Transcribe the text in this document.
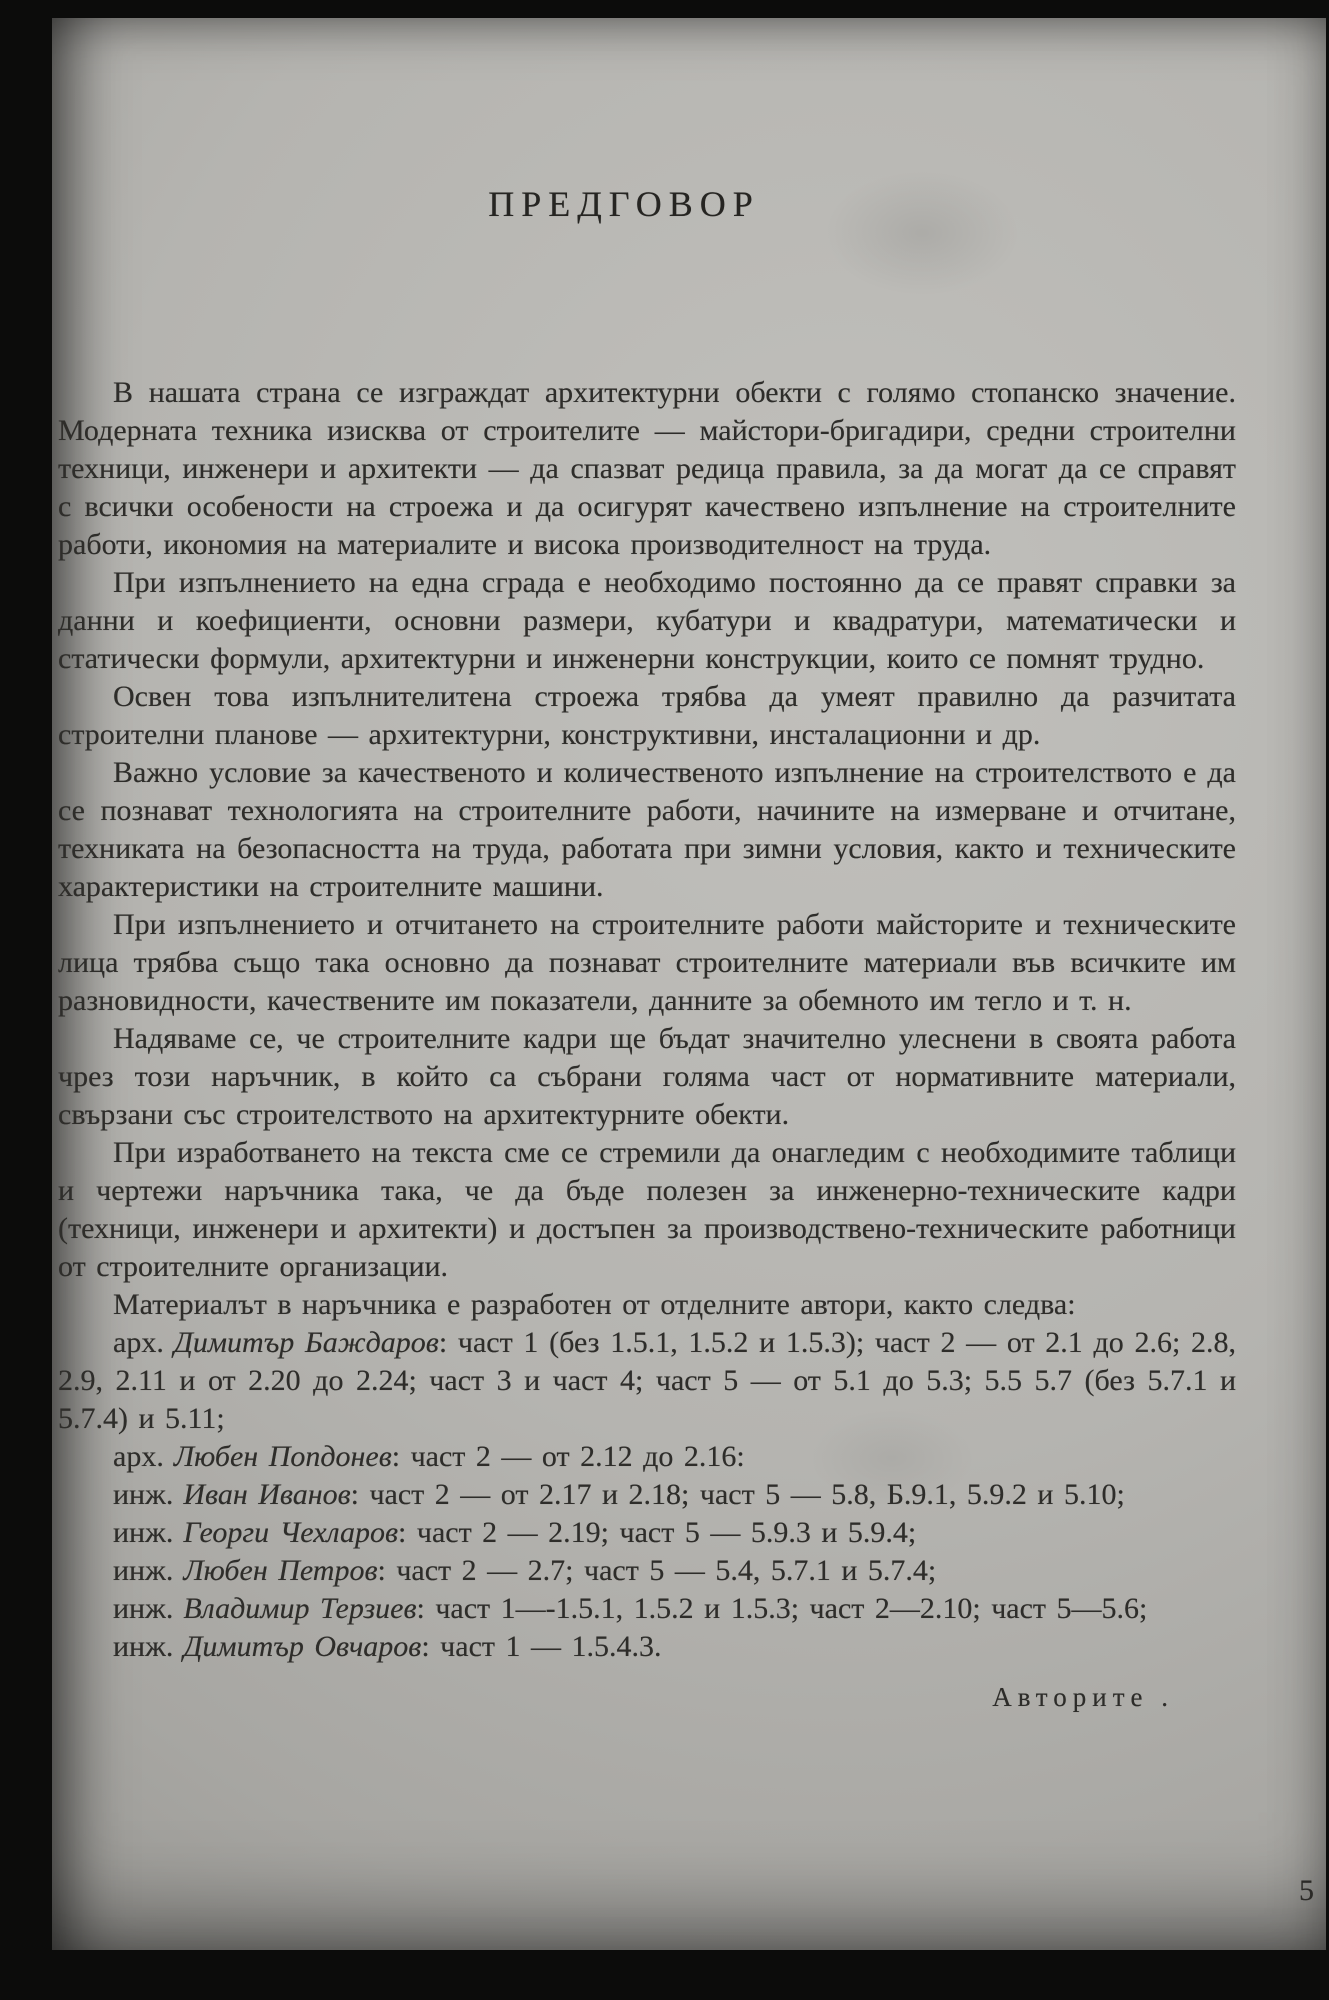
ПРЕДГОВОР

В нашата страна се изграждат архитектурни обекти с голямо стопанско значение. Модерната техника изисква от строителите — майстори-бригадири, средни строителни техници, инженери и архитекти — да спазват редица правила, за да могат да се справят с всички особености на строежа и да осигурят качествено изпълнение на строителните работи, икономия на материалите и висока производителност на труда.

При изпълнението на една сграда е необходимо постоянно да се правят справки за данни и коефициенти, основни размери, кубатури и квадратури, математически и статически формули, архитектурни и инженерни конструкции, които се помнят трудно.

Освен това изпълнителитена строежа трябва да умеят правилно да разчитата строителни планове — архитектурни, конструктивни, инсталационни и др.

Важно условие за качественото и количественото изпълнение на строителството е да се познават технологията на строителните работи, начините на измерване и отчитане, техниката на безопасността на труда, работата при зимни условия, както и техническите характеристики на строителните машини.

При изпълнението и отчитането на строителните работи майсторите и техническите лица трябва също така основно да познават строителните материали във всичките им разновидности, качествените им показатели, данните за обемното им тегло и т. н.

Надяваме се, че строителните кадри ще бъдат значително улеснени в своята работа чрез този наръчник, в който са събрани голяма част от нормативните материали, свързани със строителството на архитектурните обекти.

При изработването на текста сме се стремили да онагледим с необходимите таблици и чертежи наръчника така, че да бъде полезен за инженерно-техническите кадри (техници, инженери и архитекти) и достъпен за производствено-техническите работници от строителните организации.

Материалът в наръчника е разработен от отделните автори, както следва:

арх. Димитър Баждаров: част 1 (без 1.5.1, 1.5.2 и 1.5.3); част 2 — от 2.1 до 2.6; 2.8, 2.9, 2.11 и от 2.20 до 2.24; част 3 и част 4; част 5 — от 5.1 до 5.3; 5.5 5.7 (без 5.7.1 и 5.7.4) и 5.11;

арх. Любен Попдонев: част 2 — от 2.12 до 2.16:

инж. Иван Иванов: част 2 — от 2.17 и 2.18; част 5 — 5.8, Б.9.1, 5.9.2 и 5.10;

инж. Георги Чехларов: част 2 — 2.19; част 5 — 5.9.3 и 5.9.4;

инж. Любен Петров: част 2 — 2.7; част 5 — 5.4, 5.7.1 и 5.7.4;

инж. Владимир Терзиев: част 1—-1.5.1, 1.5.2 и 1.5.3; част 2—2.10; част 5—5.6;

инж. Димитър Овчаров: част 1 — 1.5.4.3.

Авторите .
5
